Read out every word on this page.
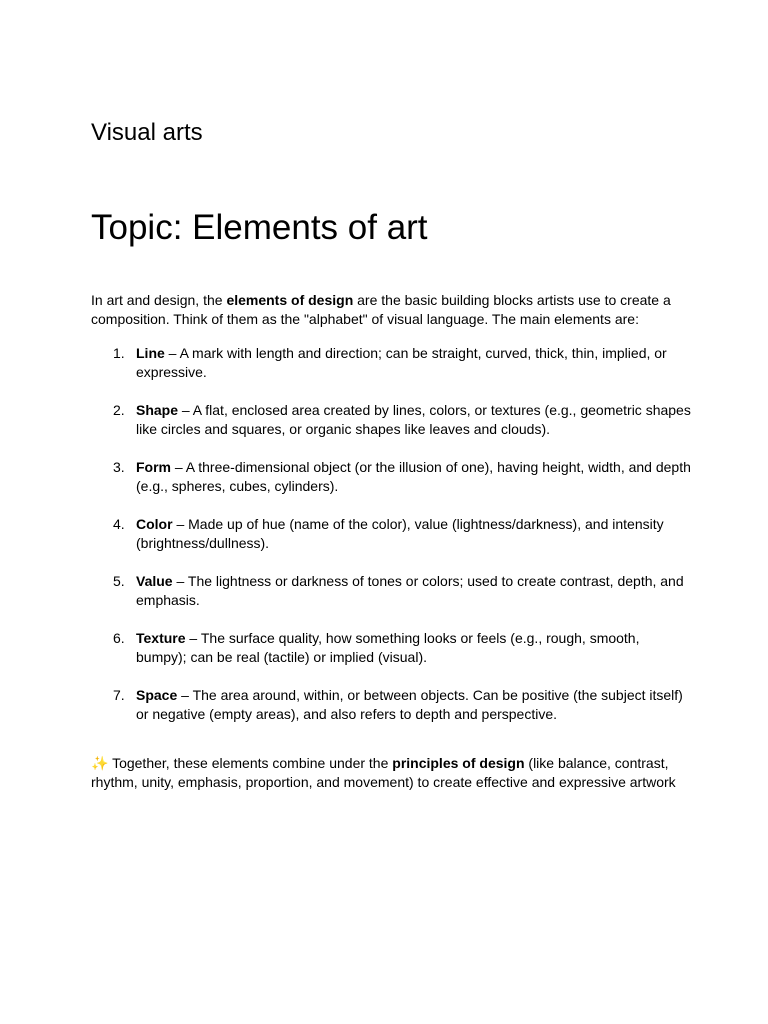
Visual arts
Topic: Elements of art

In art and design, the elements of design are the basic building blocks artists use to create a composition. Think of them as the "alphabet" of visual language. The main elements are:

1. Line – A mark with length and direction; can be straight, curved, thick, thin, implied, or expressive.
2. Shape – A flat, enclosed area created by lines, colors, or textures (e.g., geometric shapes like circles and squares, or organic shapes like leaves and clouds).
3. Form – A three-dimensional object (or the illusion of one), having height, width, and depth (e.g., spheres, cubes, cylinders).
4. Color – Made up of hue (name of the color), value (lightness/darkness), and intensity (brightness/dullness).
5. Value – The lightness or darkness of tones or colors; used to create contrast, depth, and emphasis.
6. Texture – The surface quality, how something looks or feels (e.g., rough, smooth, bumpy); can be real (tactile) or implied (visual).
7. Space – The area around, within, or between objects. Can be positive (the subject itself) or negative (empty areas), and also refers to depth and perspective.

✨ Together, these elements combine under the principles of design (like balance, contrast, rhythm, unity, emphasis, proportion, and movement) to create effective and expressive artwork
